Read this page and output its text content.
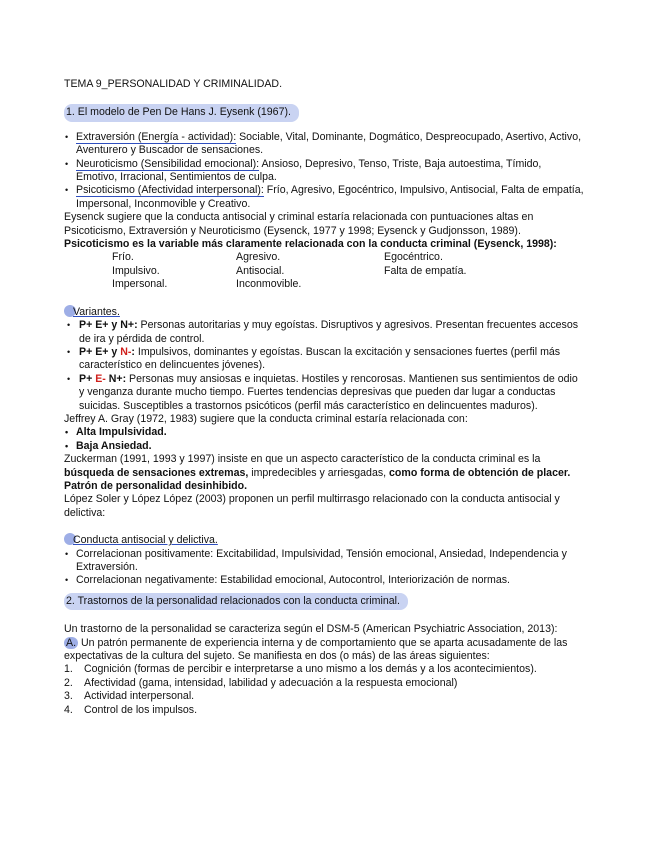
TEMA 9_PERSONALIDAD Y CRIMINALIDAD.
1. El modelo de Pen De Hans J. Eysenk (1967).
• Extraversión (Energía - actividad): Sociable, Vital, Dominante, Dogmático, Despreocupado, Asertivo, Activo, Aventurero y Buscador de sensaciones.
• Neuroticismo (Sensibilidad emocional): Ansioso, Depresivo, Tenso, Triste, Baja autoestima, Tímido, Emotivo, Irracional, Sentimientos de culpa.
• Psicoticismo (Afectividad interpersonal): Frío, Agresivo, Egocéntrico, Impulsivo, Antisocial, Falta de empatía, Impersonal, Inconmovible y Creativo.
Eysenck sugiere que la conducta antisocial y criminal estaría relacionada con puntuaciones altas en Psicoticismo, Extraversión y Neuroticismo (Eysenck, 1977 y 1998; Eysenck y Gudjonsson, 1989).
Psicoticismo es la variable más claramente relacionada con la conducta criminal (Eysenck, 1998):
Frío.	Agresivo.	Egocéntrico.
Impulsivo.	Antisocial.	Falta de empatía.
Impersonal.	Inconmovible.
Variantes.
• P+ E+ y N+: Personas autoritarias y muy egoístas. Disruptivos y agresivos. Presentan frecuentes accesos de ira y pérdida de control.
• P+ E+ y N-: Impulsivos, dominantes y egoístas. Buscan la excitación y sensaciones fuertes (perfil más característico en delincuentes jóvenes).
• P+ E- N+: Personas muy ansiosas e inquietas. Hostiles y rencorosas. Mantienen sus sentimientos de odio y venganza durante mucho tiempo. Fuertes tendencias depresivas que pueden dar lugar a conductas suicidas. Susceptibles a trastornos psicóticos (perfil más característico en delincuentes maduros).
Jeffrey A. Gray (1972, 1983) sugiere que la conducta criminal estaría relacionada con:
• Alta Impulsividad.
• Baja Ansiedad.
Zuckerman (1991, 1993 y 1997) insiste en que un aspecto característico de la conducta criminal es la búsqueda de sensaciones extremas, impredecibles y arriesgadas, como forma de obtención de placer. Patrón de personalidad desinhibido.
López Soler y López López (2003) proponen un perfil multirrasgo relacionado con la conducta antisocial y delictiva:
Conducta antisocial y delictiva.
• Correlacionan positivamente: Excitabilidad, Impulsividad, Tensión emocional, Ansiedad, Independencia y Extraversión.
• Correlacionan negativamente: Estabilidad emocional, Autocontrol, Interiorización de normas.
2. Trastornos de la personalidad relacionados con la conducta criminal.
Un trastorno de la personalidad se caracteriza según el DSM-5 (American Psychiatric Association, 2013):
A. Un patrón permanente de experiencia interna y de comportamiento que se aparta acusadamente de las expectativas de la cultura del sujeto. Se manifiesta en dos (o más) de las áreas siguientes:
1. Cognición (formas de percibir e interpretarse a uno mismo a los demás y a los acontecimientos).
2. Afectividad (gama, intensidad, labilidad y adecuación a la respuesta emocional)
3. Actividad interpersonal.
4. Control de los impulsos.
